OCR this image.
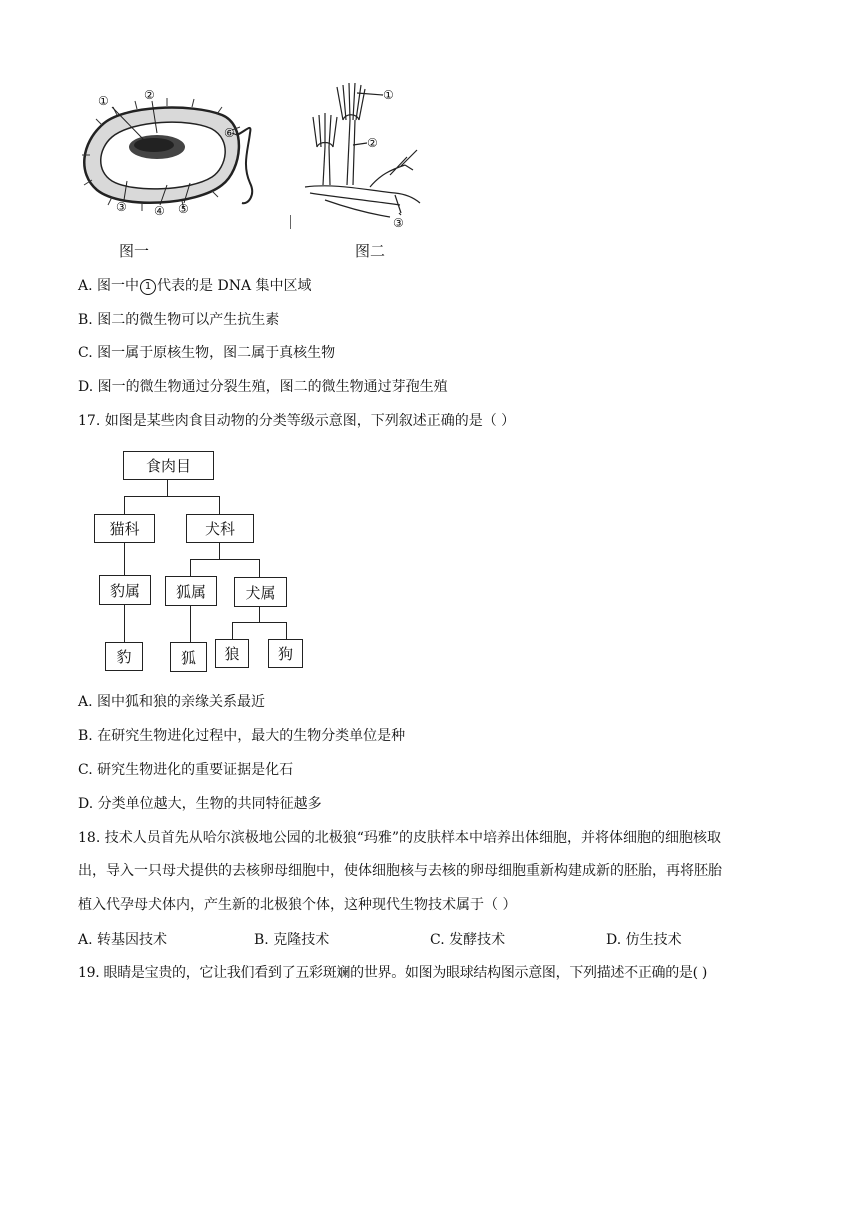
①	②
③ ④ ⑤
⑥
图一
①
②
③
图二
A. 图一中 1 代表的是 DNA 集中区域
B. 图二的微生物可以产生抗生素
C. 图一属于原核生物，图二属于真核生物
D. 图一的微生物通过分裂生殖，图二的微生物通过芽孢生殖
17. 如图是某些肉食目动物的分类等级示意图，下列叙述正确的是（ ）
食肉目
猫科	犬科
豹属	狐属	犬属
豹	狐	狼	狗
A. 图中狐和狼的亲缘关系最近
B. 在研究生物进化过程中，最大的生物分类单位是种
C. 研究生物进化的重要证据是化石
D. 分类单位越大，生物的共同特征越多
18. 技术人员首先从哈尔滨极地公园的北极狼“玛雅”的皮肤样本中培养出体细胞，并将体细胞的细胞核取
出，导入一只母犬提供的去核卵母细胞中，使体细胞核与去核的卵母细胞重新构建成新的胚胎，再将胚胎
植入代孕母犬体内，产生新的北极狼个体，这种现代生物技术属于（ ）
A. 转基因技术	B. 克隆技术	C. 发酵技术	D. 仿生技术
19. 眼睛是宝贵的，它让我们看到了五彩斑斓的世界。如图为眼球结构图示意图，下列描述不正确的是( )
